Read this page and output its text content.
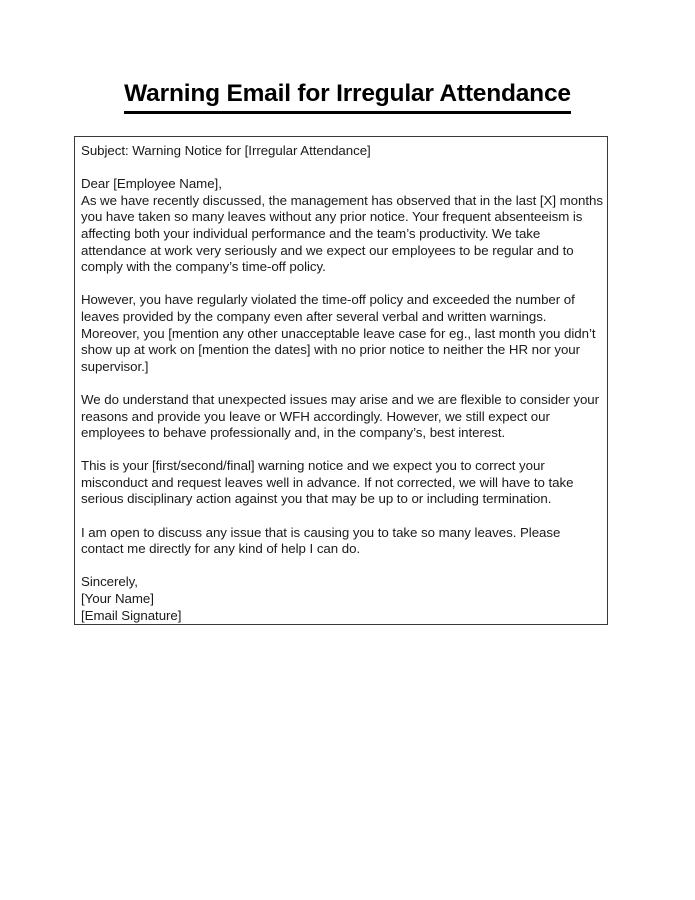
Warning Email for Irregular Attendance
Subject: Warning Notice for [Irregular Attendance]
Dear [Employee Name],
As we have recently discussed, the management has observed that in the last [X] months you have taken so many leaves without any prior notice. Your frequent absenteeism is affecting both your individual performance and the team’s productivity. We take attendance at work very seriously and we expect our employees to be regular and to comply with the company’s time-off policy.
However, you have regularly violated the time-off policy and exceeded the number of leaves provided by the company even after several verbal and written warnings. Moreover, you [mention any other unacceptable leave case for eg., last month you didn’t show up at work on [mention the dates] with no prior notice to neither the HR nor your supervisor.]
We do understand that unexpected issues may arise and we are flexible to consider your reasons and provide you leave or WFH accordingly. However, we still expect our employees to behave professionally and, in the company’s, best interest.
This is your [first/second/final] warning notice and we expect you to correct your misconduct and request leaves well in advance. If not corrected, we will have to take serious disciplinary action against you that may be up to or including termination.
I am open to discuss any issue that is causing you to take so many leaves. Please contact me directly for any kind of help I can do.
Sincerely,
[Your Name]
[Email Signature]
